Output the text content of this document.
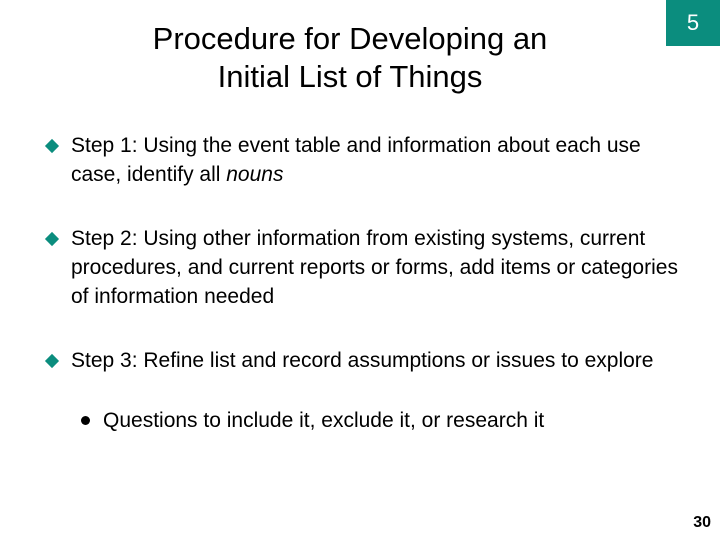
Procedure for Developing an
Initial List of Things
5
Step 1: Using the event table and information about each use case, identify all nouns
Step 2: Using other information from existing systems, current procedures, and current reports or forms, add items or categories of information needed
Step 3: Refine list and record assumptions or issues to explore
Questions to include it, exclude it, or research it
30
